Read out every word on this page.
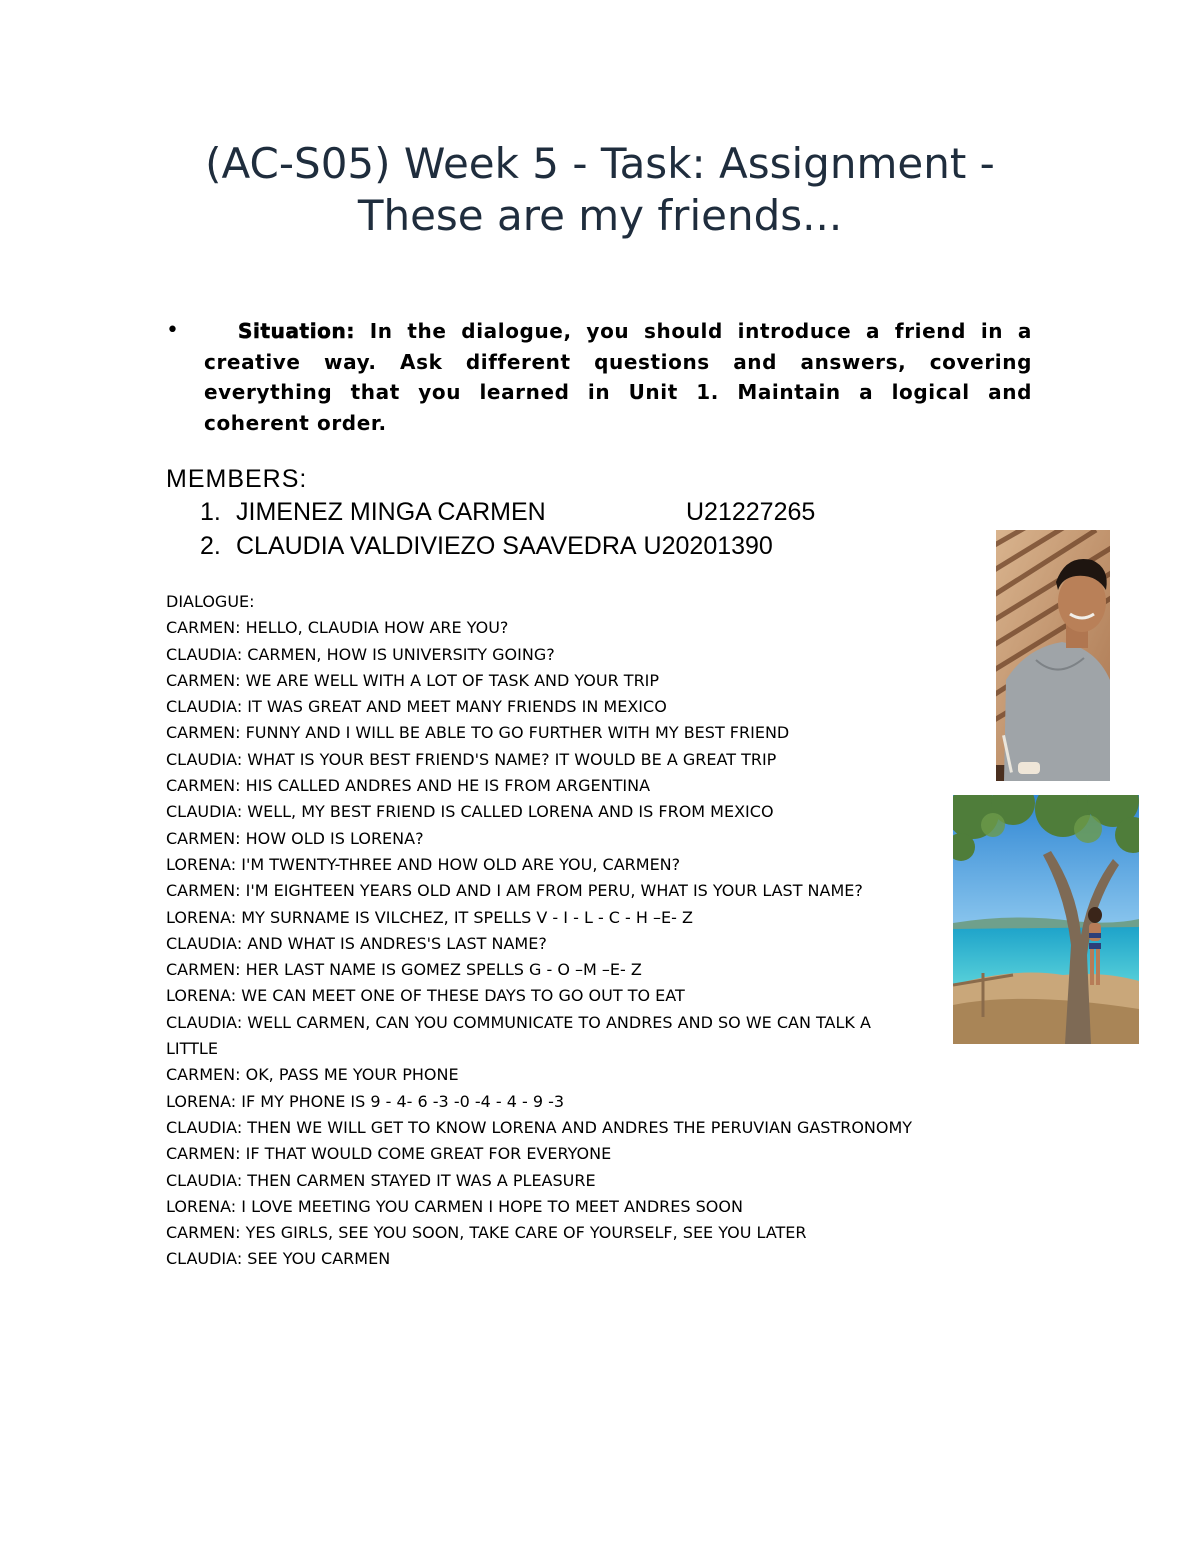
(AC-S05) Week 5 - Task: Assignment -
These are my friends...
•	Situation: In the dialogue, you should introduce a friend in a creative way. Ask different questions and answers, covering everything that you learned in Unit 1. Maintain a logical and coherent order.
MEMBERS:
1. JIMENEZ MINGA CARMEN	U21227265
2. CLAUDIA VALDIVIEZO SAAVEDRA U20201390
DIALOGUE:
CARMEN: HELLO, CLAUDIA HOW ARE YOU?
CLAUDIA: CARMEN, HOW IS UNIVERSITY GOING?
CARMEN: WE ARE WELL WITH A LOT OF TASK AND YOUR TRIP
CLAUDIA: IT WAS GREAT AND MEET MANY FRIENDS IN MEXICO
CARMEN: FUNNY AND I WILL BE ABLE TO GO FURTHER WITH MY BEST FRIEND
CLAUDIA: WHAT IS YOUR BEST FRIEND'S NAME? IT WOULD BE A GREAT TRIP
CARMEN: HIS CALLED ANDRES AND HE IS FROM ARGENTINA
CLAUDIA: WELL, MY BEST FRIEND IS CALLED LORENA AND IS FROM MEXICO
CARMEN: HOW OLD IS LORENA?
LORENA: I'M TWENTY-THREE AND HOW OLD ARE YOU, CARMEN?
CARMEN: I'M EIGHTEEN YEARS OLD AND I AM FROM PERU, WHAT IS YOUR LAST NAME?
LORENA: MY SURNAME IS VILCHEZ, IT SPELLS V - I - L - C - H –E- Z
CLAUDIA: AND WHAT IS ANDRES'S LAST NAME?
CARMEN: HER LAST NAME IS GOMEZ SPELLS G - O –M –E- Z
LORENA: WE CAN MEET ONE OF THESE DAYS TO GO OUT TO EAT
CLAUDIA: WELL CARMEN, CAN YOU COMMUNICATE TO ANDRES AND SO WE CAN TALK A LITTLE
CARMEN: OK, PASS ME YOUR PHONE
LORENA: IF MY PHONE IS 9 - 4- 6 -3 -0 -4 - 4 - 9 -3
CLAUDIA: THEN WE WILL GET TO KNOW LORENA AND ANDRES THE PERUVIAN GASTRONOMY
CARMEN: IF THAT WOULD COME GREAT FOR EVERYONE
CLAUDIA: THEN CARMEN STAYED IT WAS A PLEASURE
LORENA: I LOVE MEETING YOU CARMEN I HOPE TO MEET ANDRES SOON
CARMEN: YES GIRLS, SEE YOU SOON, TAKE CARE OF YOURSELF, SEE YOU LATER
CLAUDIA: SEE YOU CARMEN
